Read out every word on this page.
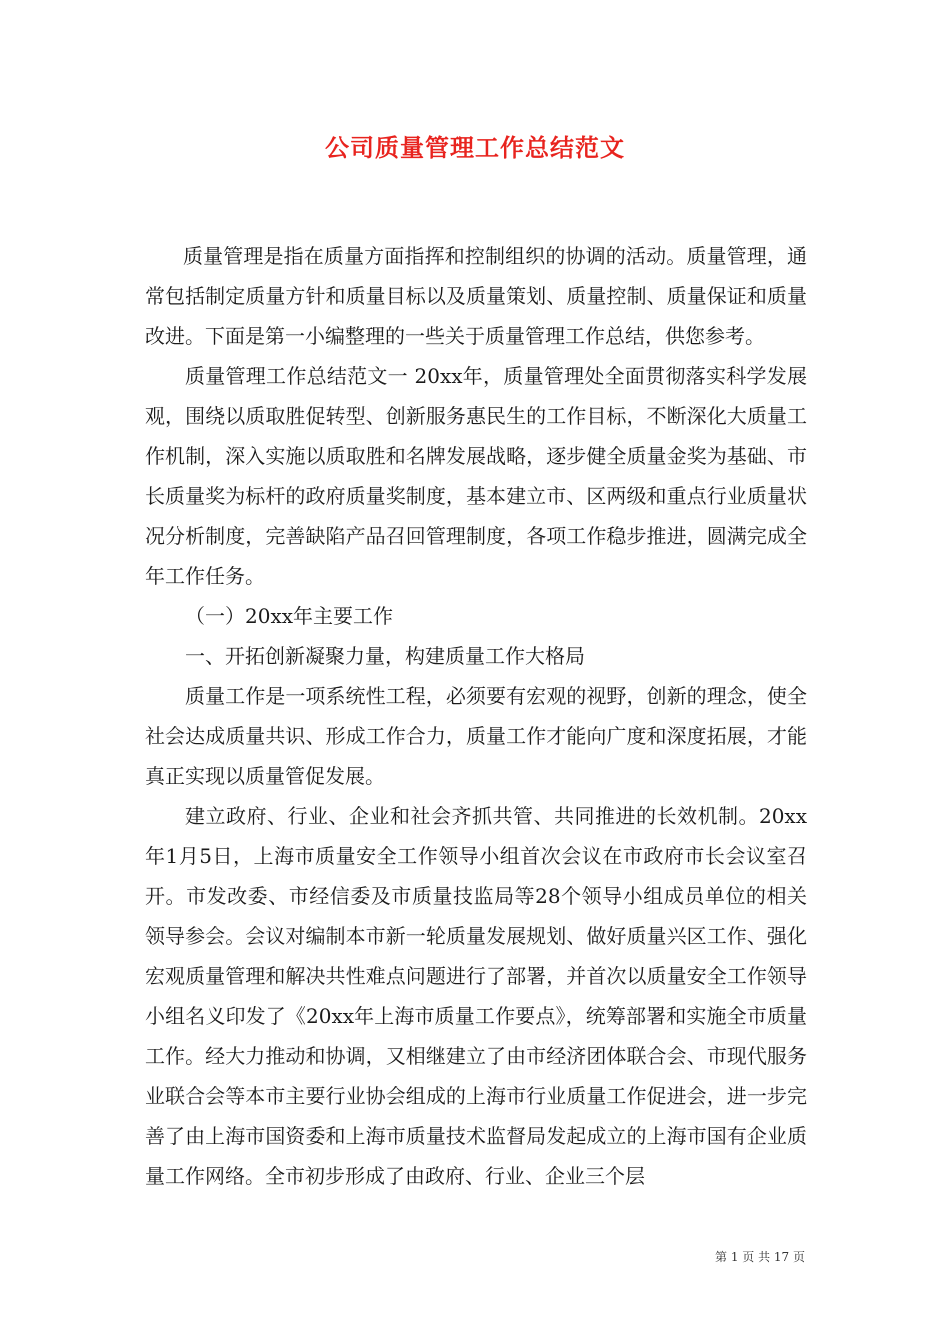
公司质量管理工作总结范文

质量管理是指在质量方面指挥和控制组织的协调的活动。质量管理，通常包括制定质量方针和质量目标以及质量策划、质量控制、质量保证和质量改进。下面是第一小编整理的一些关于质量管理工作总结，供您参考。

质量管理工作总结范文一 20xx年，质量管理处全面贯彻落实科学发展观，围绕以质取胜促转型、创新服务惠民生的工作目标，不断深化大质量工作机制，深入实施以质取胜和名牌发展战略，逐步健全质量金奖为基础、市长质量奖为标杆的政府质量奖制度，基本建立市、区两级和重点行业质量状况分析制度，完善缺陷产品召回管理制度，各项工作稳步推进，圆满完成全年工作任务。

（一）20xx年主要工作

一、开拓创新凝聚力量，构建质量工作大格局

质量工作是一项系统性工程，必须要有宏观的视野，创新的理念，使全社会达成质量共识、形成工作合力，质量工作才能向广度和深度拓展，才能真正实现以质量管促发展。

建立政府、行业、企业和社会齐抓共管、共同推进的长效机制。20xx年1月5日，上海市质量安全工作领导小组首次会议在市政府市长会议室召开。市发改委、市经信委及市质量技监局等28个领导小组成员单位的相关领导参会。会议对编制本市新一轮质量发展规划、做好质量兴区工作、强化宏观质量管理和解决共性难点问题进行了部署，并首次以质量安全工作领导小组名义印发了《20xx年上海市质量工作要点》，统筹部署和实施全市质量工作。经大力推动和协调，又相继建立了由市经济团体联合会、市现代服务业联合会等本市主要行业协会组成的上海市行业质量工作促进会，进一步完善了由上海市国资委和上海市质量技术监督局发起成立的上海市国有企业质量工作网络。全市初步形成了由政府、行业、企业三个层

第 1 页 共 17 页
